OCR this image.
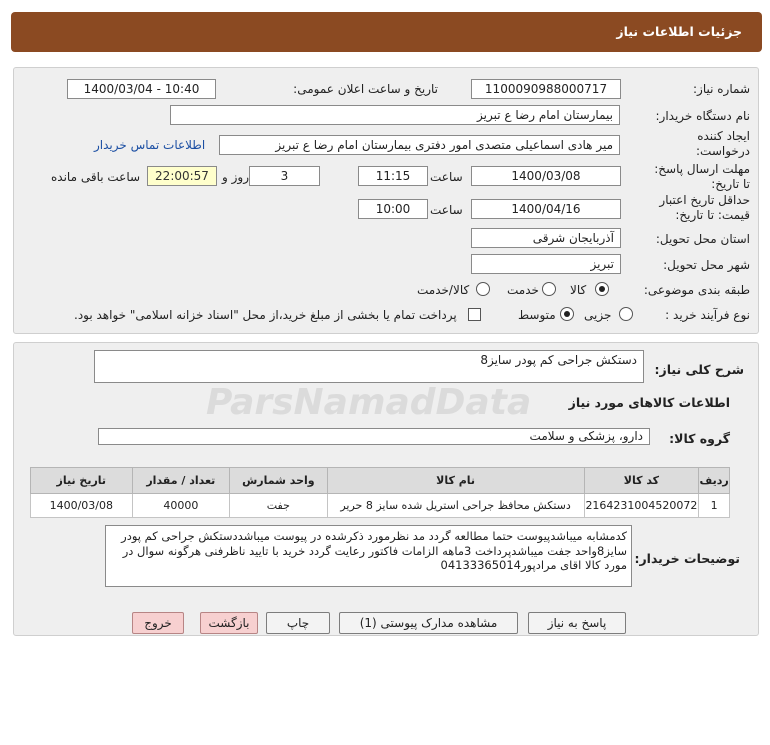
جزئیات اطلاعات نیاز
شماره نیاز:
1100090988000717
تاریخ و ساعت اعلان عمومی:
1400/03/04 - 10:40
نام دستگاه خریدار:
بیمارستان امام رضا ع تبریز
ایجاد کننده درخواست:
میر هادی اسماعیلی متصدی امور دفتری بیمارستان امام رضا ع تبریز
اطلاعات تماس خریدار
مهلت ارسال پاسخ: تا تاریخ:
1400/03/08
ساعت
11:15
3
روز و
22:00:57
ساعت باقی مانده
حداقل تاریخ اعتبار قیمت: تا تاریخ:
1400/04/16
ساعت
10:00
استان محل تحویل:
آذربایجان شرقی
شهر محل تحویل:
تبریز
طبقه بندی موضوعی:
کالا
خدمت
کالا/خدمت
نوع فرآیند خرید :
جزیی
متوسط
پرداخت تمام یا بخشی از مبلغ خرید،از محل "اسناد خزانه اسلامی" خواهد بود.
شرح کلی نیاز:
دستکش جراحی کم پودر سایز8
اطلاعات کالاهای مورد نیاز
گروه کالا:
دارو، پزشکی و سلامت
ردیف	کد کالا	نام کالا	واحد شمارش	تعداد / مقدار	تاریخ نیاز
1	2164231004520072	دستکش محافظ جراحی استریل شده سایز 8 حریر	جفت	40000	1400/03/08
توضیحات خریدار:
کدمشابه میباشدپیوست حتما مطالعه گردد مد نظرمورد ذکرشده در پیوست میباشددستکش جراحی کم پودر سایز8واحد جفت میباشدپرداخت 3ماهه الزامات فاکتور رعایت گردد خرید با تایید ناظرفنی هرگونه سوال در مورد کالا اقای مرادپور04133365014
پاسخ به نیاز
مشاهده مدارک پیوستی (1)
چاپ
بازگشت
خروج
ParsNamadData
